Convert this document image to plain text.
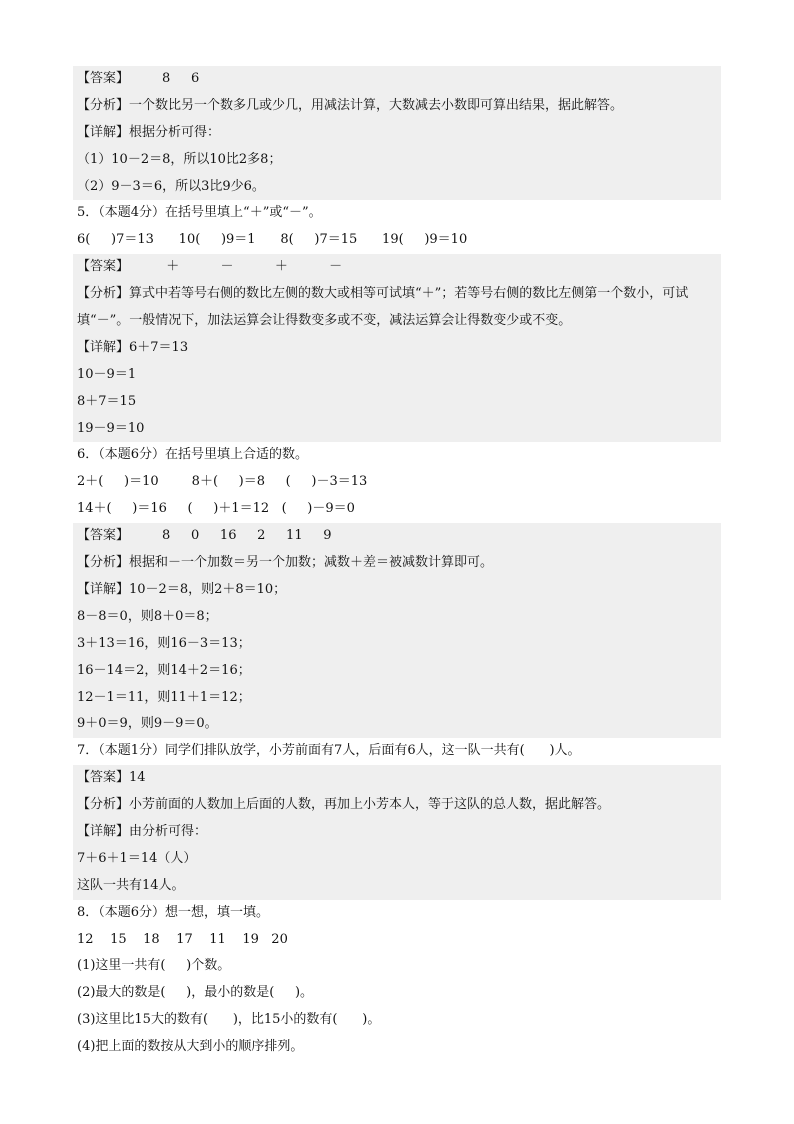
【答案】        8     6
【分析】一个数比另一个数多几或少几，用减法计算，大数减去小数即可算出结果，据此解答。
【详解】根据分析可得：
（1）10－2＝8，所以10比2多8；
（2）9－3＝6，所以3比9少6。
5．（本题4分）在括号里填上“＋”或“－”。
6(     )7＝13      10(     )9＝1      8(     )7＝15      19(     )9＝10
【答案】         ＋          －          ＋          －
【分析】算式中若等号右侧的数比左侧的数大或相等可试填“＋”；若等号右侧的数比左侧第一个数小，可试填“－”。一般情况下，加法运算会让得数变多或不变，减法运算会让得数变少或不变。
【详解】6＋7＝13
10－9＝1
8＋7＝15
19－9＝10
6．（本题6分）在括号里填上合适的数。
2＋(     )＝10        8＋(     )＝8     (     )－3＝13
14＋(     )＝16     (     )＋1＝12   (     )－9＝0
【答案】        8     0     16     2     11     9
【分析】根据和－一个加数＝另一个加数；减数＋差＝被减数计算即可。
【详解】10－2＝8，则2＋8＝10；
8－8＝0，则8＋0＝8；
3＋13＝16，则16－3＝13；
16－14＝2，则14＋2＝16；
12－1＝11，则11＋1＝12；
9＋0＝9，则9－9＝0。
7．（本题1分）同学们排队放学，小芳前面有7人，后面有6人，这一队一共有(      )人。
【答案】14
【分析】小芳前面的人数加上后面的人数，再加上小芳本人，等于这队的总人数，据此解答。
【详解】由分析可得：
7＋6＋1＝14（人）
这队一共有14人。
8．（本题6分）想一想，填一填。
12    15    18    17    11    19   20
(1)这里一共有(     )个数。
(2)最大的数是(     )，最小的数是(     )。
(3)这里比15大的数有(      )，比15小的数有(      )。
(4)把上面的数按从大到小的顺序排列。
